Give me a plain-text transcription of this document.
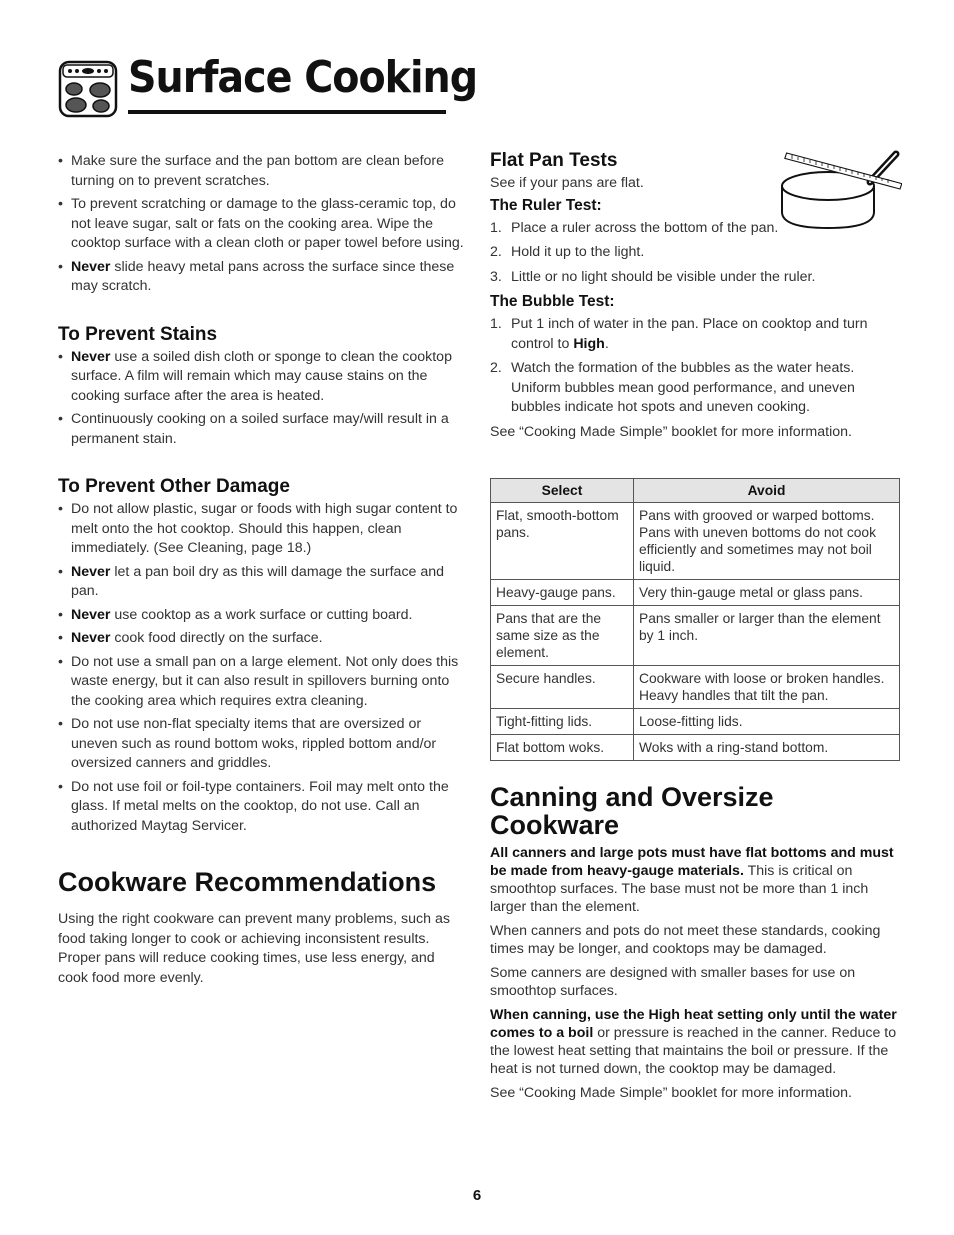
Surface Cooking
• Make sure the surface and the pan bottom are clean before turning on to prevent scratches.
• To prevent scratching or damage to the glass-ceramic top, do not leave sugar, salt or fats on the cooking area. Wipe the cooktop surface with a clean cloth or paper towel before using.
• Never slide heavy metal pans across the surface since these may scratch.
To Prevent Stains
• Never use a soiled dish cloth or sponge to clean the cooktop surface. A film will remain which may cause stains on the cooking surface after the area is heated.
• Continuously cooking on a soiled surface may/will result in a permanent stain.
To Prevent Other Damage
• Do not allow plastic, sugar or foods with high sugar content to melt onto the hot cooktop. Should this happen, clean immediately. (See Cleaning, page 18.)
• Never let a pan boil dry as this will damage the surface and pan.
• Never use cooktop as a work surface or cutting board.
• Never cook food directly on the surface.
• Do not use a small pan on a large element. Not only does this waste energy, but it can also result in spillovers burning onto the cooking area which requires extra cleaning.
• Do not use non-flat specialty items that are oversized or uneven such as round bottom woks, rippled bottom and/or oversized canners and griddles.
• Do not use foil or foil-type containers. Foil may melt onto the glass. If metal melts on the cooktop, do not use. Call an authorized Maytag Servicer.
Cookware Recommendations

Using the right cookware can prevent many problems, such as food taking longer to cook or achieving inconsistent results. Proper pans will reduce cooking times, use less energy, and cook food more evenly.

Flat Pan Tests

See if your pans are flat.

The Ruler Test:
1. Place a ruler across the bottom of the pan.
2. Hold it up to the light.
3. Little or no light should be visible under the ruler.
The Bubble Test:
1. Put 1 inch of water in the pan. Place on cooktop and turn control to High.
2. Watch the formation of the bubbles as the water heats. Uniform bubbles mean good performance, and uneven bubbles indicate hot spots and uneven cooking.

See “Cooking Made Simple” booklet for more information.

Select	Avoid
Flat, smooth-bottom pans.	Pans with grooved or warped bottoms. Pans with uneven bottoms do not cook efficiently and sometimes may not boil liquid.
Heavy-gauge pans.	Very thin-gauge metal or glass pans.
Pans that are the same size as the element.	Pans smaller or larger than the element by 1 inch.
Secure handles.	Cookware with loose or broken handles. Heavy handles that tilt the pan.
Tight-fitting lids.	Loose-fitting lids.
Flat bottom woks.	Woks with a ring-stand bottom.
Canning and Oversize Cookware

All canners and large pots must have flat bottoms and must be made from heavy-gauge materials. This is critical on smoothtop surfaces. The base must not be more than 1 inch larger than the element.

When canners and pots do not meet these standards, cooking times may be longer, and cooktops may be damaged.

Some canners are designed with smaller bases for use on smoothtop surfaces.

When canning, use the High heat setting only until the water comes to a boil or pressure is reached in the canner. Reduce to the lowest heat setting that maintains the boil or pressure. If the heat is not turned down, the cooktop may be damaged.

See “Cooking Made Simple” booklet for more information.

6
